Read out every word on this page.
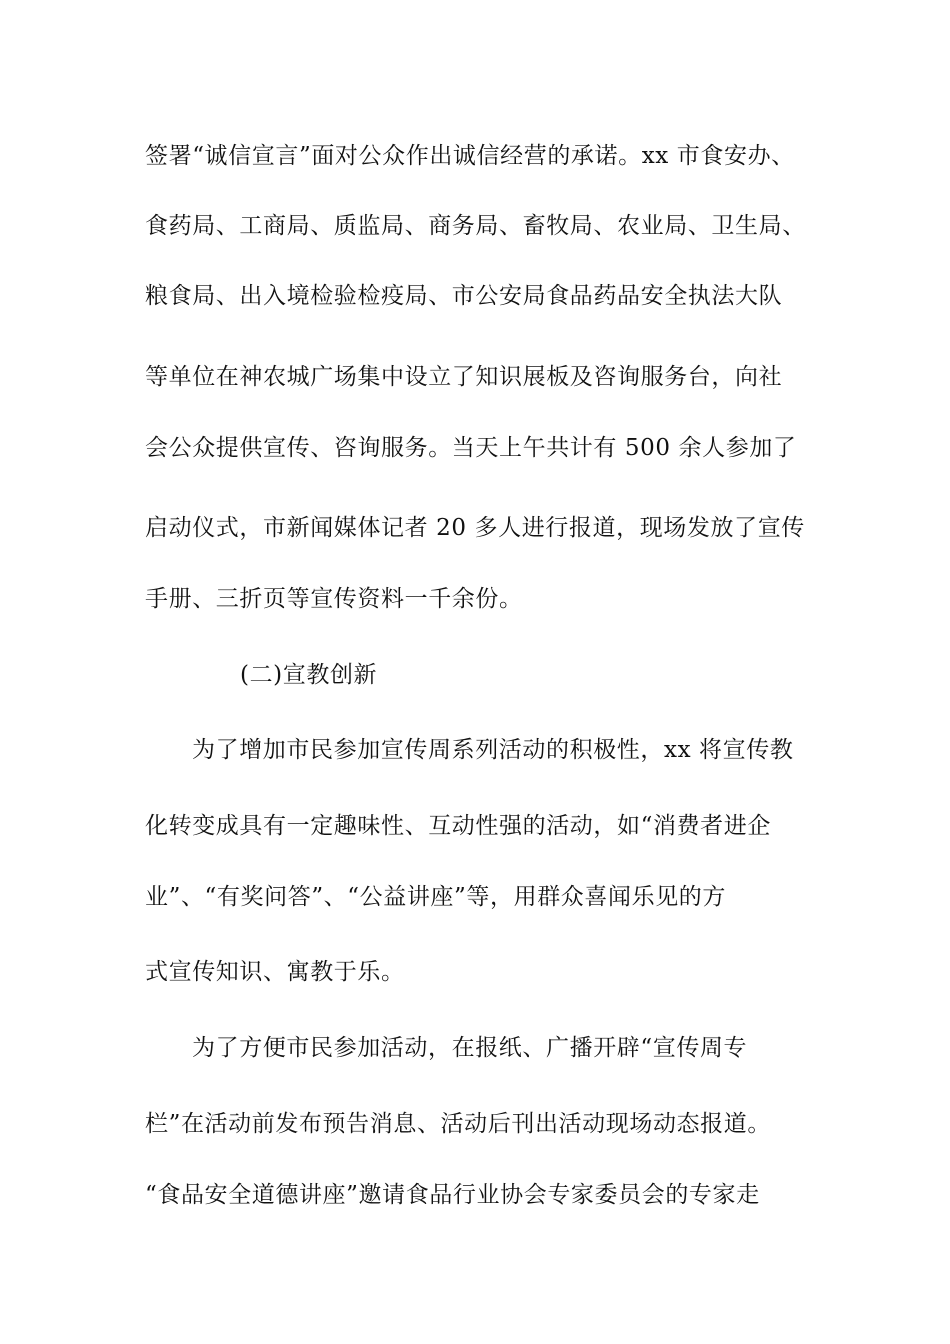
签署“诚信宣言”面对公众作出诚信经营的承诺。xx 市食安办、
食药局、工商局、质监局、商务局、畜牧局、农业局、卫生局、
粮食局、出入境检验检疫局、市公安局食品药品安全执法大队
等单位在神农城广场集中设立了知识展板及咨询服务台，向社
会公众提供宣传、咨询服务。当天上午共计有 500 余人参加了
启动仪式，市新闻媒体记者 20 多人进行报道，现场发放了宣传
手册、三折页等宣传资料一千余份。
(二)宣教创新
为了增加市民参加宣传周系列活动的积极性，xx 将宣传教
化转变成具有一定趣味性、互动性强的活动，如“消费者进企
业”、“有奖问答”、“公益讲座”等，用群众喜闻乐见的方
式宣传知识、寓教于乐。
为了方便市民参加活动，在报纸、广播开辟“宣传周专
栏”在活动前发布预告消息、活动后刊出活动现场动态报道。
“食品安全道德讲座”邀请食品行业协会专家委员会的专家走
